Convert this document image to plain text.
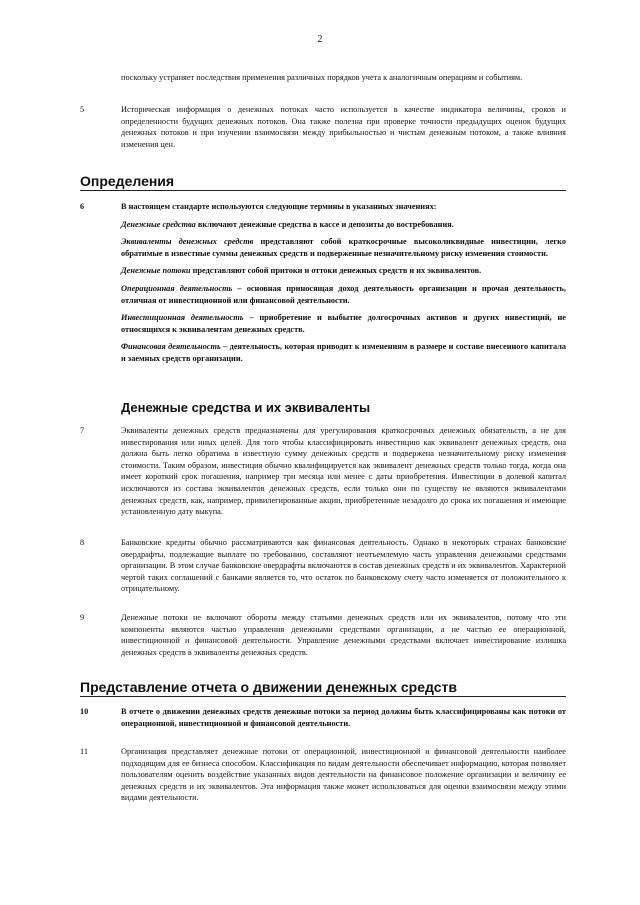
2
поскольку устраняет последствия применения различных порядков учета к аналогичным операциям и событиям.
5	Историческая информация о денежных потоках часто используется в качестве индикатора величины, сроков и определенности будущих денежных потоков. Она также полезна при проверке точности предыдущих оценок будущих денежных потоков и при изучении взаимосвязи между прибыльностью и чистым денежным потоком, а также влияния изменения цен.
Определения
6	В настоящем стандарте используются следующие термины в указанных значениях:
Денежные средства включают денежные средства в кассе и депозиты до востребования.
Эквиваленты денежных средств представляют собой краткосрочные высоколиквидные инвестиции, легко обратимые в известные суммы денежных средств и подверженные незначительному риску изменения стоимости.
Денежные потоки представляют собой притоки и оттоки денежных средств и их эквивалентов.
Операционная деятельность – основная приносящая доход деятельность организации и прочая деятельность, отличная от инвестиционной или финансовой деятельности.
Инвестиционная деятельность – приобретение и выбытие долгосрочных активов и других инвестиций, не относящихся к эквивалентам денежных средств.
Финансовая деятельность – деятельность, которая приводит к изменениям в размере и составе внесенного капитала и заемных средств организации.
Денежные средства и их эквиваленты
7	Эквиваленты денежных средств предназначены для урегулирования краткосрочных денежных обязательств, а не для инвестирования или иных целей. Для того чтобы классифицировать инвестицию как эквивалент денежных средств, она должна быть легко обратима в известную сумму денежных средств и подвержена незначительному риску изменения стоимости. Таким образом, инвестиция обычно квалифицируется как эквивалент денежных средств только тогда, когда она имеет короткий срок погашения, например три месяца или менее с даты приобретения. Инвестиции в долевой капитал исключаются из состава эквивалентов денежных средств, если только они по существу не являются эквивалентами денежных средств, как, например, привилегированные акции, приобретенные незадолго до срока их погашения и имеющие установленную дату выкупа.
8	Банковские кредиты обычно рассматриваются как финансовая деятельность. Однако в некоторых странах банковские овердрафты, подлежащие выплате по требованию, составляют неотъемлемую часть управления денежными средствами организации. В этом случае банковские овердрафты включаются в состав денежных средств и их эквивалентов. Характерной чертой таких соглашений с банками является то, что остаток по банковскому счету часто изменяется от положительного к отрицательному.
9	Денежные потоки не включают обороты между статьями денежных средств или их эквивалентов, потому что эти компоненты являются частью управления денежными средствами организации, а не частью ее операционной, инвестиционной и финансовой деятельности. Управление денежными средствами включает инвестирование излишка денежных средств в эквиваленты денежных средств.
Представление отчета о движении денежных средств
10	В отчете о движении денежных средств денежные потоки за период должны быть классифицированы как потоки от операционной, инвестиционной и финансовой деятельности.
11	Организация представляет денежные потоки от операционной, инвестиционной и финансовой деятельности наиболее подходящим для ее бизнеса способом. Классификация по видам деятельности обеспечивает информацию, которая позволяет пользователям оценить воздействие указанных видов деятельности на финансовое положение организации и величину ее денежных средств и их эквивалентов. Эта информация также может использоваться для оценки взаимосвязи между этими видами деятельности.
